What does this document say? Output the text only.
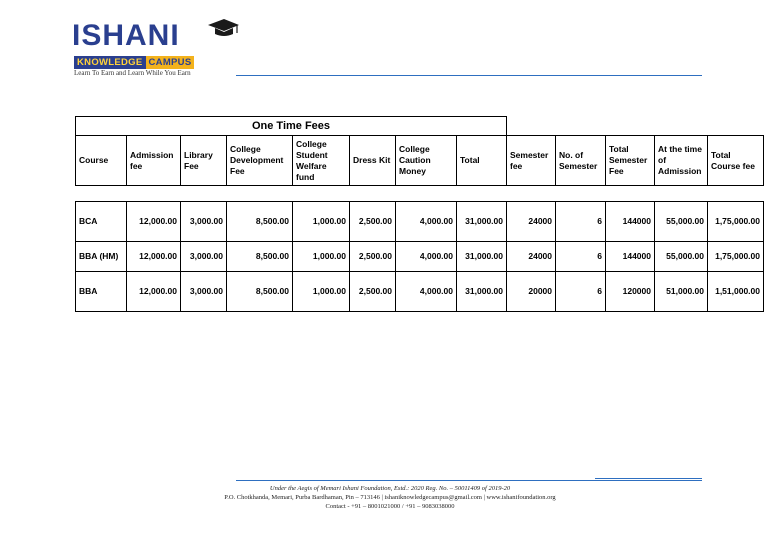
ISHANI
KNOWLEDGE CAMPUS
Learn To Earn and Learn While You Earn
One Time Fees												
Course	Admission fee	Library Fee	College Development Fee	College Student Welfare fund	Dress Kit	College Caution Money	Total	Semester fee	No. of Semester	Total Semester Fee	At the time of Admission	Total Course fee

BCA	12,000.00	3,000.00	8,500.00	1,000.00	2,500.00	4,000.00	31,000.00	24000	6	144000	55,000.00	1,75,000.00
BBA (HM)	12,000.00	3,000.00	8,500.00	1,000.00	2,500.00	4,000.00	31,000.00	24000	6	144000	55,000.00	1,75,000.00
BBA	12,000.00	3,000.00	8,500.00	1,000.00	2,500.00	4,000.00	31,000.00	20000	6	120000	51,000.00	1,51,000.00
Under the Aegis of Memari Ishani Foundation, Estd.: 2020 Reg. No. – 50011409 of 2019-20
P.O. Chotkhanda, Memari, Purba Bardhaman, Pin – 713146 | ishaniknowledgecampus@gmail.com | www.ishanifoundation.org
Contact - +91 – 8001021000 / +91 – 9083038000
